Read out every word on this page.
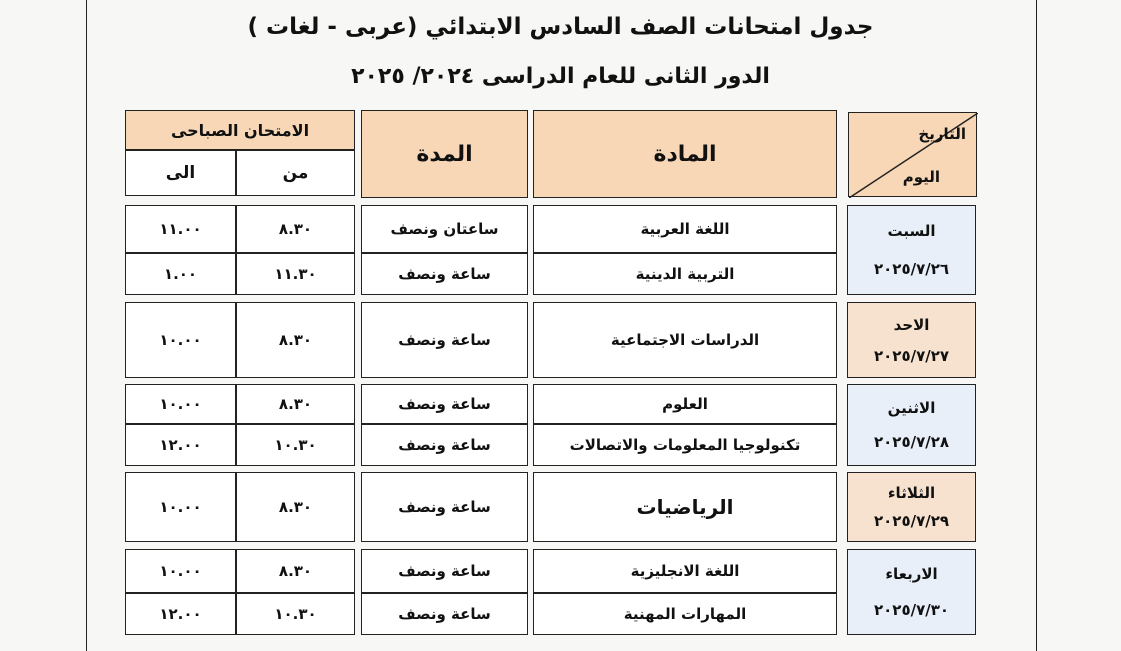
جدول امتحانات الصف السادس الابتدائي (عربى - لغات )
الدور الثانى للعام الدراسى ٢٠٢٤/ ٢٠٢٥
التاريخ
اليوم
المادة
المدة
الامتحان الصباحى
من
الى
السبت
٢٠٢٥/٧/٢٦
اللغة العربية
ساعتان ونصف
٨.٣٠
١١.٠٠
التربية الدينية
ساعة ونصف
١١.٣٠
١.٠٠
الاحد
٢٠٢٥/٧/٢٧
الدراسات الاجتماعية
ساعة ونصف
٨.٣٠
١٠.٠٠
الاثنين
٢٠٢٥/٧/٢٨
العلوم
ساعة ونصف
٨.٣٠
١٠.٠٠
تكنولوجيا المعلومات والاتصالات
ساعة ونصف
١٠.٣٠
١٢.٠٠
الثلاثاء
٢٠٢٥/٧/٢٩
الرياضيات
ساعة ونصف
٨.٣٠
١٠.٠٠
الاربعاء
٢٠٢٥/٧/٣٠
اللغة الانجليزية
ساعة ونصف
٨.٣٠
١٠.٠٠
المهارات المهنية
ساعة ونصف
١٠.٣٠
١٢.٠٠
